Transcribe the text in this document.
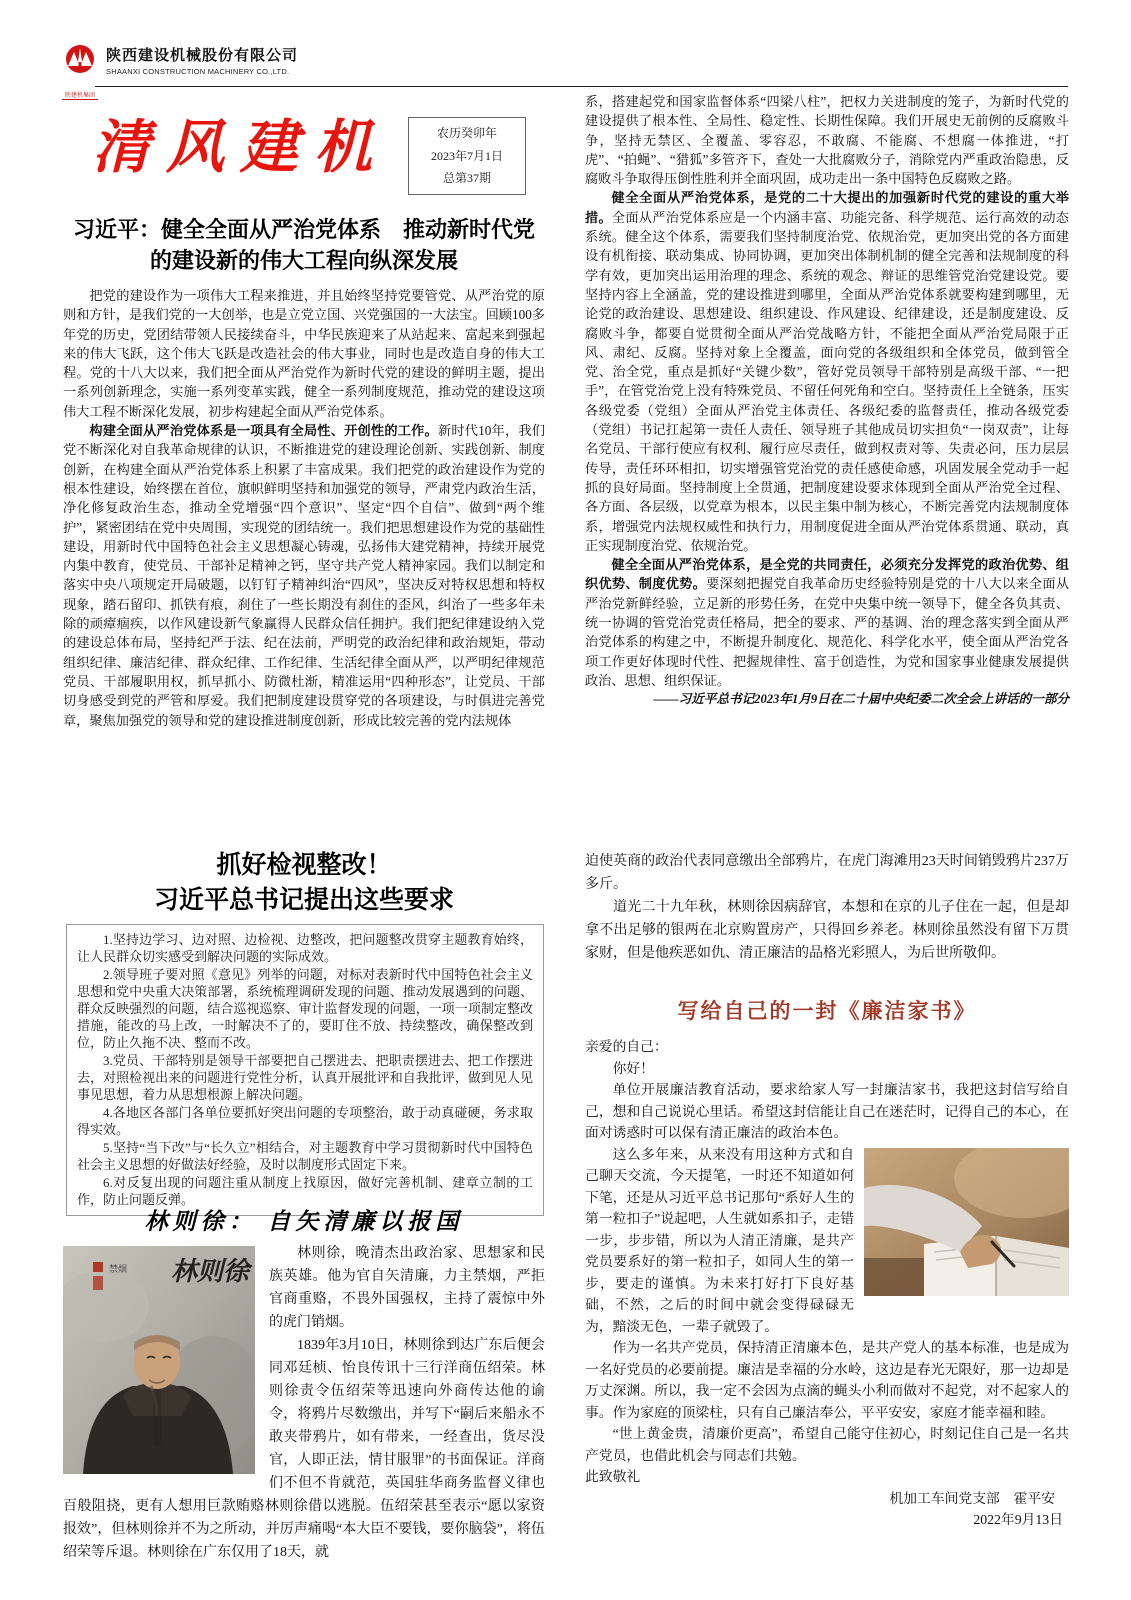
陕建机集团
陕西建设机械股份有限公司
SHAANXI CONSTRUCTION MACHINERY CO.,LTD.
清风建机	农历癸卯年
2023年7月1日
总第37期
习近平：健全全面从严治党体系　推动新时代党
的建设新的伟大工程向纵深发展

把党的建设作为一项伟大工程来推进，并且始终坚持党要管党、从严治党的原则和方针，是我们党的一大创举，也是立党立国、兴党强国的一大法宝。回顾100多年党的历史，党团结带领人民接续奋斗，中华民族迎来了从站起来、富起来到强起来的伟大飞跃，这个伟大飞跃是改造社会的伟大事业，同时也是改造自身的伟大工程。党的十八大以来，我们把全面从严治党作为新时代党的建设的鲜明主题，提出一系列创新理念，实施一系列变革实践，健全一系列制度规范，推动党的建设这项伟大工程不断深化发展，初步构建起全面从严治党体系。

构建全面从严治党体系是一项具有全局性、开创性的工作。新时代10年，我们党不断深化对自我革命规律的认识，不断推进党的建设理论创新、实践创新、制度创新，在构建全面从严治党体系上积累了丰富成果。我们把党的政治建设作为党的根本性建设，始终摆在首位，旗帜鲜明坚持和加强党的领导，严肃党内政治生活，净化修复政治生态，推动全党增强“四个意识”、坚定“四个自信”、做到“两个维护”，紧密团结在党中央周围，实现党的团结统一。我们把思想建设作为党的基础性建设，用新时代中国特色社会主义思想凝心铸魂，弘扬伟大建党精神，持续开展党内集中教育，使党员、干部补足精神之钙，坚守共产党人精神家园。我们以制定和落实中央八项规定开局破题，以钉钉子精神纠治“四风”，坚决反对特权思想和特权现象，踏石留印、抓铁有痕，刹住了一些长期没有刹住的歪风，纠治了一些多年未除的顽瘴痼疾，以作风建设新气象赢得人民群众信任拥护。我们把纪律建设纳入党的建设总体布局，坚持纪严于法、纪在法前，严明党的政治纪律和政治规矩，带动组织纪律、廉洁纪律、群众纪律、工作纪律、生活纪律全面从严，以严明纪律规范党员、干部履职用权，抓早抓小、防微杜渐，精准运用“四种形态”，让党员、干部切身感受到党的严管和厚爱。我们把制度建设贯穿党的各项建设，与时俱进完善党章，聚焦加强党的领导和党的建设推进制度创新，形成比较完善的党内法规体

系，搭建起党和国家监督体系“四梁八柱”，把权力关进制度的笼子，为新时代党的建设提供了根本性、全局性、稳定性、长期性保障。我们开展史无前例的反腐败斗争，坚持无禁区、全覆盖、零容忍，不敢腐、不能腐、不想腐一体推进，“打虎”、“拍蝇”、“猎狐”多管齐下，查处一大批腐败分子，消除党内严重政治隐患，反腐败斗争取得压倒性胜利并全面巩固，成功走出一条中国特色反腐败之路。

健全全面从严治党体系，是党的二十大提出的加强新时代党的建设的重大举措。全面从严治党体系应是一个内涵丰富、功能完备、科学规范、运行高效的动态系统。健全这个体系，需要我们坚持制度治党、依规治党，更加突出党的各方面建设有机衔接、联动集成、协同协调，更加突出体制机制的健全完善和法规制度的科学有效，更加突出运用治理的理念、系统的观念、辩证的思维管党治党建设党。要坚持内容上全涵盖，党的建设推进到哪里，全面从严治党体系就要构建到哪里，无论党的政治建设、思想建设、组织建设、作风建设、纪律建设，还是制度建设、反腐败斗争，都要自觉贯彻全面从严治党战略方针，不能把全面从严治党局限于正风、肃纪、反腐。坚持对象上全覆盖，面向党的各级组织和全体党员，做到管全党、治全党，重点是抓好“关键少数”，管好党员领导干部特别是高级干部、“一把手”，在管党治党上没有特殊党员、不留任何死角和空白。坚持责任上全链条，压实各级党委（党组）全面从严治党主体责任、各级纪委的监督责任，推动各级党委（党组）书记扛起第一责任人责任、领导班子其他成员切实担负“一岗双责”，让每名党员、干部行使应有权利、履行应尽责任，做到权责对等、失责必问，压力层层传导，责任环环相扣，切实增强管党治党的责任感使命感，巩固发展全党动手一起抓的良好局面。坚持制度上全贯通，把制度建设要求体现到全面从严治党全过程、各方面、各层级，以党章为根本，以民主集中制为核心，不断完善党内法规制度体系，增强党内法规权威性和执行力，用制度促进全面从严治党体系贯通、联动，真正实现制度治党、依规治党。

健全全面从严治党体系，是全党的共同责任，必须充分发挥党的政治优势、组织优势、制度优势。要深刻把握党自我革命历史经验特别是党的十八大以来全面从严治党新鲜经验，立足新的形势任务，在党中央集中统一领导下，健全各负其责、统一协调的管党治党责任格局，把全的要求、严的基调、治的理念落实到全面从严治党体系的构建之中，不断提升制度化、规范化、科学化水平，使全面从严治党各项工作更好体现时代性、把握规律性、富于创造性，为党和国家事业健康发展提供政治、思想、组织保证。

——习近平总书记2023年1月9日在二十届中央纪委二次全会上讲话的一部分

抓好检视整改！
习近平总书记提出这些要求

1.坚持边学习、边对照、边检视、边整改，把问题整改贯穿主题教育始终，让人民群众切实感受到解决问题的实际成效。

2.领导班子要对照《意见》列举的问题，对标对表新时代中国特色社会主义思想和党中央重大决策部署，系统梳理调研发现的问题、推动发展遇到的问题、群众反映强烈的问题，结合巡视巡察、审计监督发现的问题，一项一项制定整改措施，能改的马上改，一时解决不了的，要盯住不放、持续整改，确保整改到位，防止久拖不决、整而不改。

3.党员、干部特别是领导干部要把自己摆进去、把职责摆进去、把工作摆进去，对照检视出来的问题进行党性分析，认真开展批评和自我批评，做到见人见事见思想，着力从思想根源上解决问题。

4.各地区各部门各单位要抓好突出问题的专项整治，敢于动真碰硬，务求取得实效。

5.坚持“当下改”与“长久立”相结合，对主题教育中学习贯彻新时代中国特色社会主义思想的好做法好经验，及时以制度形式固定下来。

6.对反复出现的问题注重从制度上找原因，做好完善机制、建章立制的工作，防止问题反弹。

林则徐： 自矢清廉以报国
林则徐
禁烟

林则徐，晚清杰出政治家、思想家和民族英雄。他为官自矢清廉，力主禁烟，严拒官商重赂，不畏外国强权，主持了震惊中外的虎门销烟。

1839年3月10日，林则徐到达广东后便会同邓廷桢、怡良传讯十三行洋商伍绍荣。林则徐责令伍绍荣等迅速向外商传达他的谕令，将鸦片尽数缴出，并写下“嗣后来船永不敢夹带鸦片，如有带来，一经查出，货尽没官，人即正法，情甘服罪”的书面保证。洋商们不但不肯就范，英国驻华商务监督义律也百般阻挠，更有人想用巨款贿赂林则徐借以逃脱。伍绍荣甚至表示“愿以家资报效”，但林则徐并不为之所动，并厉声痛喝“本大臣不要钱，要你脑袋”，将伍绍荣等斥退。林则徐在广东仅用了18天，就

迫使英商的政治代表同意缴出全部鸦片，在虎门海滩用23天时间销毁鸦片237万多斤。

道光二十九年秋，林则徐因病辞官，本想和在京的儿子住在一起，但是却拿不出足够的银两在北京购置房产，只得回乡养老。林则徐虽然没有留下万贯家财，但是他疾恶如仇、清正廉洁的品格光彩照人，为后世所敬仰。

写给自己的一封《廉洁家书》

亲爱的自己：

你好！

单位开展廉洁教育活动，要求给家人写一封廉洁家书，我把这封信写给自己，想和自己说说心里话。希望这封信能让自己在迷茫时，记得自己的本心，在面对诱惑时可以保有清正廉洁的政治本色。

这么多年来，从来没有用这种方式和自己聊天交流，今天提笔，一时还不知道如何下笔，还是从习近平总书记那句“系好人生的第一粒扣子”说起吧，人生就如系扣子，走错一步，步步错，所以为人清正清廉，是共产党员要系好的第一粒扣子，如同人生的第一步，要走的谨慎。为未来打好打下良好基础，不然，之后的时间中就会变得碌碌无为，黯淡无色，一辈子就毁了。

作为一名共产党员，保持清正清廉本色，是共产党人的基本标准，也是成为一名好党员的必要前提。廉洁是幸福的分水岭，这边是春光无限好，那一边却是万丈深渊。所以，我一定不会因为点滴的蝇头小利而做对不起党，对不起家人的事。作为家庭的顶梁柱，只有自己廉洁奉公，平平安安，家庭才能幸福和睦。

“世上黄金贵，清廉价更高”，希望自己能守住初心，时刻记住自己是一名共产党员，也借此机会与同志们共勉。

此致敬礼

机加工车间党支部　霍平安

2022年9月13日
